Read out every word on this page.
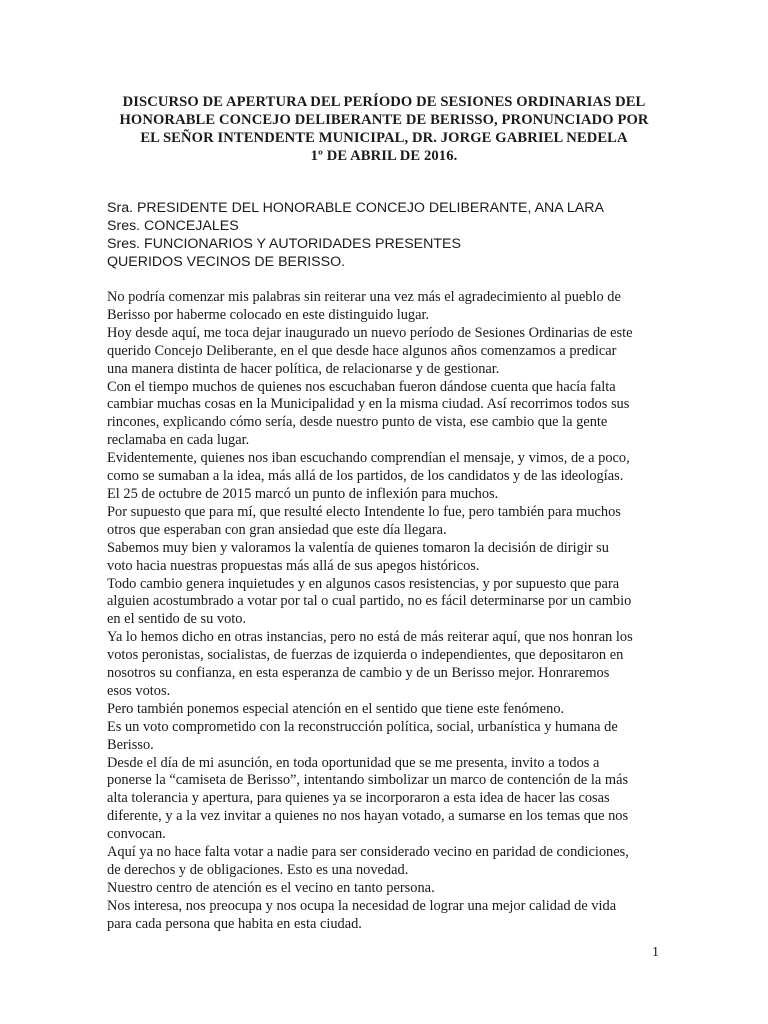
DISCURSO DE APERTURA DEL PERÍODO DE SESIONES ORDINARIAS DEL
HONORABLE CONCEJO DELIBERANTE DE BERISSO, PRONUNCIADO POR
EL SEÑOR INTENDENTE MUNICIPAL, DR. JORGE GABRIEL NEDELA
1º DE ABRIL DE 2016.
Sra. PRESIDENTE DEL HONORABLE CONCEJO DELIBERANTE, ANA LARA
Sres. CONCEJALES
Sres. FUNCIONARIOS Y AUTORIDADES PRESENTES
QUERIDOS VECINOS DE BERISSO.
No podría comenzar mis palabras sin reiterar una vez más el agradecimiento al pueblo de
Berisso por haberme colocado en este distinguido lugar.
Hoy desde aquí, me toca dejar inaugurado un nuevo período de Sesiones Ordinarias de este
querido Concejo Deliberante, en el que desde hace algunos años comenzamos a predicar
una manera distinta de hacer política, de relacionarse y de gestionar.
Con el tiempo muchos de quienes nos escuchaban fueron dándose cuenta que hacía falta
cambiar muchas cosas en la Municipalidad y en la misma ciudad. Así recorrimos todos sus
rincones, explicando cómo sería, desde nuestro punto de vista, ese cambio que la gente
reclamaba en cada lugar.
Evidentemente, quienes nos iban escuchando comprendían el mensaje, y vimos, de a poco,
como se sumaban a la idea, más allá de los partidos, de los candidatos y de las ideologías.
El 25 de octubre de 2015 marcó un punto de inflexión para muchos.
Por supuesto que para mí, que resulté electo Intendente lo fue, pero también para muchos
otros que esperaban con gran ansiedad que este día llegara.
Sabemos muy bien y valoramos la valentía de quienes tomaron la decisión de dirigir su
voto hacia nuestras propuestas más allá de sus apegos históricos.
Todo cambio genera inquietudes y en algunos casos resistencias, y por supuesto que para
alguien acostumbrado a votar por tal o cual partido, no es fácil determinarse por un cambio
en el sentido de su voto.
Ya lo hemos dicho en otras instancias, pero no está de más reiterar aquí, que nos honran los
votos peronistas, socialistas, de fuerzas de izquierda o independientes, que depositaron en
nosotros su confianza, en esta esperanza de cambio y de un Berisso mejor. Honraremos
esos votos.
Pero también ponemos especial atención en el sentido que tiene este fenómeno.
Es un voto comprometido con la reconstrucción política, social, urbanística y humana de
Berisso.
Desde el día de mi asunción, en toda oportunidad que se me presenta, invito a todos a
ponerse la “camiseta de Berisso”, intentando simbolizar un marco de contención de la más
alta tolerancia y apertura, para quienes ya se incorporaron a esta idea de hacer las cosas
diferente, y a la vez invitar a quienes no nos hayan votado, a sumarse en los temas que nos
convocan.
Aquí ya no hace falta votar a nadie para ser considerado vecino en paridad de condiciones,
de derechos y de obligaciones. Esto es una novedad.
Nuestro centro de atención es el vecino en tanto persona.
Nos interesa, nos preocupa y nos ocupa la necesidad de lograr una mejor calidad de vida
para cada persona que habita en esta ciudad.
1
